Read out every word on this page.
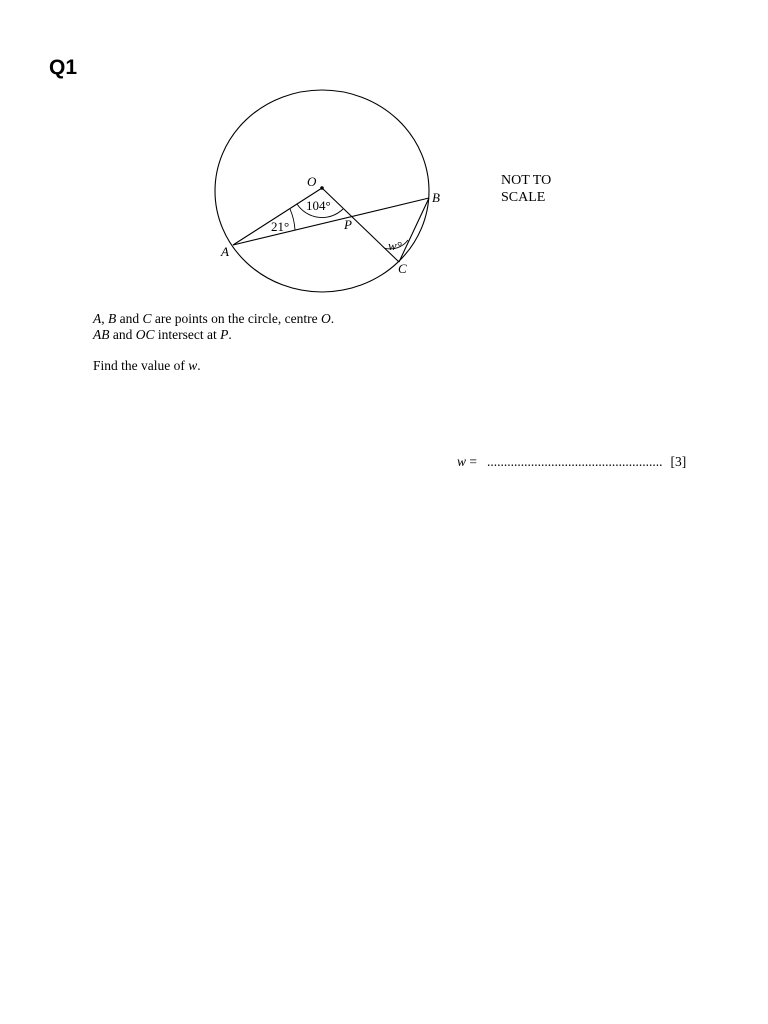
Q1
O
A
B
C
P
104°
21°
w°
NOT TO
SCALE

A, B and C are points on the circle, centre O.

AB and OC intersect at P.

Find the value of w.

w = .................................................... [3]
